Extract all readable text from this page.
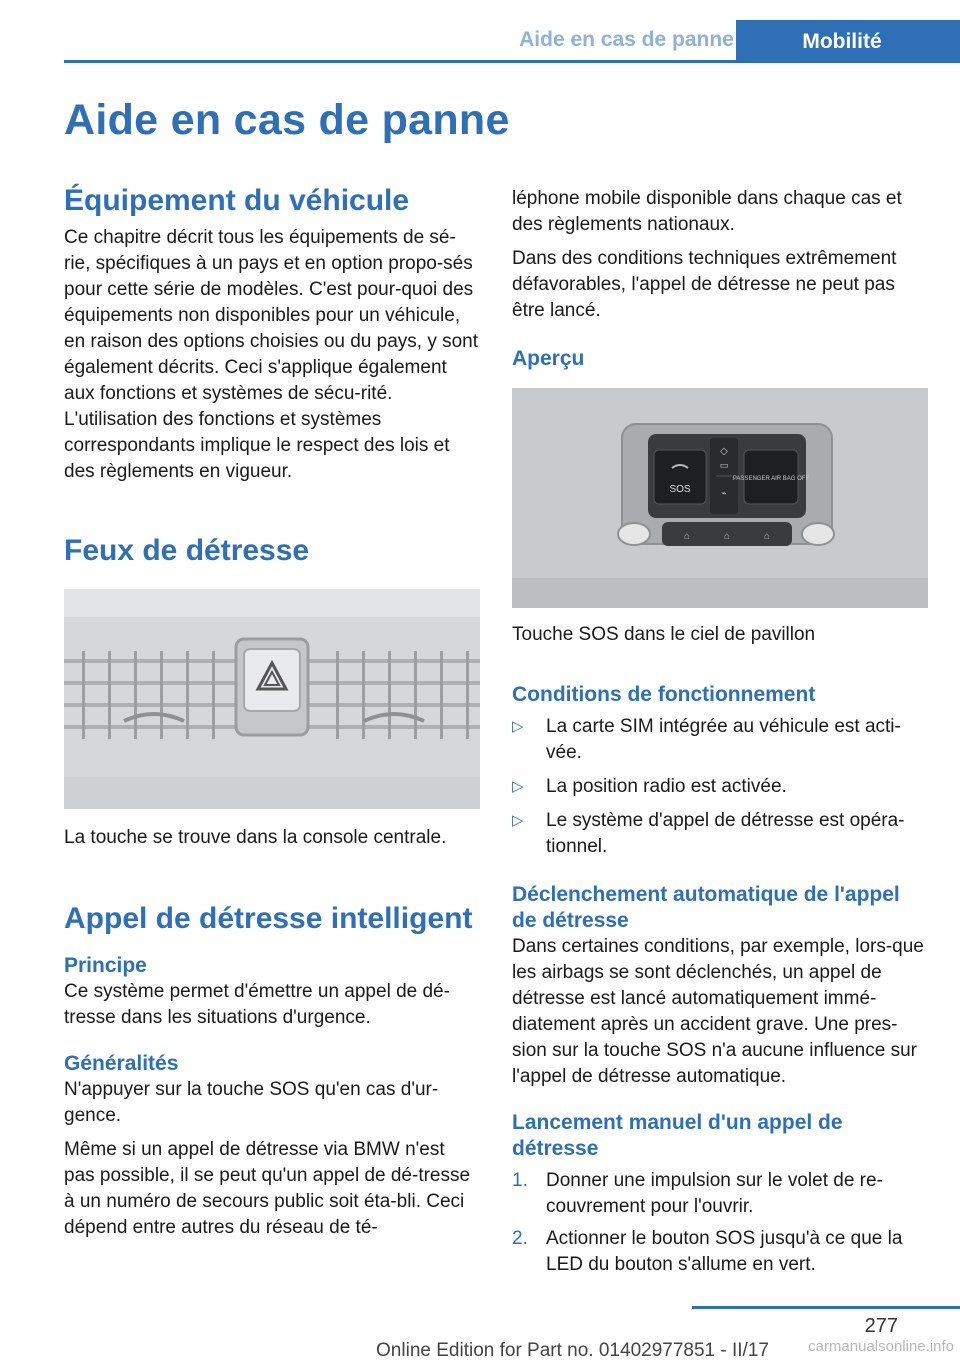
Aide en cas de panne	Mobilité
Aide en cas de panne
Équipement du véhicule

Ce chapitre décrit tous les équipements de sé-rie, spécifiques à un pays et en option propo-sés pour cette série de modèles. C'est pour-quoi des équipements non disponibles pour un véhicule, en raison des options choisies ou du pays, y sont également décrits. Ceci s'applique également aux fonctions et systèmes de sécu-rité. L'utilisation des fonctions et systèmes correspondants implique le respect des lois et des règlements en vigueur.

Feux de détresse

La touche se trouve dans la console centrale.

Appel de détresse intelligent
Principe

Ce système permet d'émettre un appel de dé-tresse dans les situations d'urgence.

Généralités

N'appuyer sur la touche SOS qu'en cas d'ur-gence.

Même si un appel de détresse via BMW n'est pas possible, il se peut qu'un appel de dé-tresse à un numéro de secours public soit éta-bli. Ceci dépend entre autres du réseau de té-

léphone mobile disponible dans chaque cas et des règlements nationaux.

Dans des conditions techniques extrêmement défavorables, l'appel de détresse ne peut pas être lancé.

Aperçu
SOS
◇
▭
⌁
PASSENGER AIR BAG OFF
⌂	⌂	⌂

Touche SOS dans le ciel de pavillon

Conditions de fonctionnement
▷ La carte SIM intégrée au véhicule est acti-vée.
▷ La position radio est activée.
▷ Le système d'appel de détresse est opéra-tionnel.
Déclenchement automatique de l'appel de détresse

Dans certaines conditions, par exemple, lors-que les airbags se sont déclenchés, un appel de détresse est lancé automatiquement immé-diatement après un accident grave. Une pres-sion sur la touche SOS n'a aucune influence sur l'appel de détresse automatique.

Lancement manuel d'un appel de détresse
1. Donner une impulsion sur le volet de re-couvrement pour l'ouvrir.
2. Actionner le bouton SOS jusqu'à ce que la LED du bouton s'allume en vert.
277
Online Edition for Part no. 01402977851 - II/17	carmanualsonline.info
